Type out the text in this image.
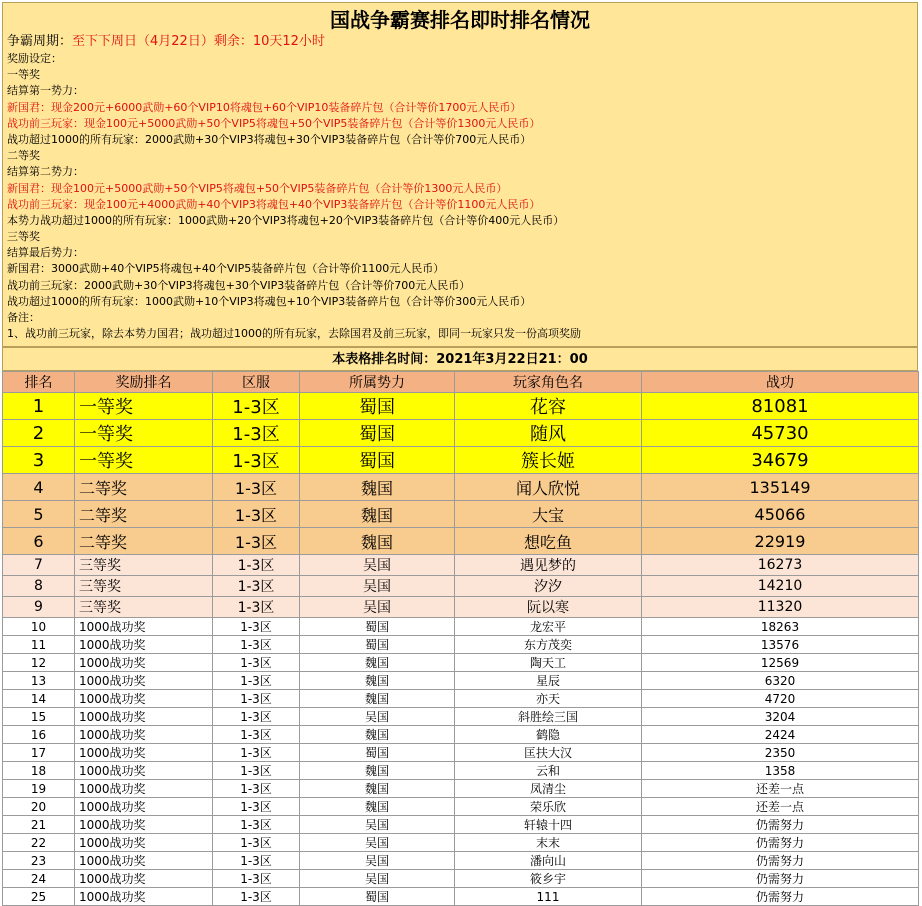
国战争霸赛排名即时排名情况
争霸周期：至下下周日（4月22日）剩余：10天12小时
奖励设定：
一等奖
结算第一势力：
新国君：现金200元+6000武勋+60个VIP10将魂包+60个VIP10装备碎片包（合计等价1700元人民币）
战功前三玩家：现金100元+5000武勋+50个VIP5将魂包+50个VIP5装备碎片包（合计等价1300元人民币）
战功超过1000的所有玩家：2000武勋+30个VIP3将魂包+30个VIP3装备碎片包（合计等价700元人民币）
二等奖
结算第二势力：
新国君：现金100元+5000武勋+50个VIP5将魂包+50个VIP5装备碎片包（合计等价1300元人民币）
战功前三玩家：现金100元+4000武勋+40个VIP3将魂包+40个VIP3装备碎片包（合计等价1100元人民币）
本势力战功超过1000的所有玩家：1000武勋+20个VIP3将魂包+20个VIP3装备碎片包（合计等价400元人民币）
三等奖
结算最后势力：
新国君：3000武勋+40个VIP5将魂包+40个VIP5装备碎片包（合计等价1100元人民币）
战功前三玩家：2000武勋+30个VIP3将魂包+30个VIP3装备碎片包（合计等价700元人民币）
战功超过1000的所有玩家：1000武勋+10个VIP3将魂包+10个VIP3装备碎片包（合计等价300元人民币）
备注：
1、战功前三玩家，除去本势力国君；战功超过1000的所有玩家，去除国君及前三玩家，即同一玩家只发一份高项奖励
本表格排名时间：2021年3月22日21：00
排名	奖励排名	区服	所属势力	玩家角色名	战功
1	一等奖	1-3区	蜀国	花容	81081
2	一等奖	1-3区	蜀国	随风	45730
3	一等奖	1-3区	蜀国	簇长姬	34679
4	二等奖	1-3区	魏国	闻人欣悦	135149
5	二等奖	1-3区	魏国	大宝	45066
6	二等奖	1-3区	魏国	想吃鱼	22919
7	三等奖	1-3区	吴国	遇见梦的	16273
8	三等奖	1-3区	吴国	汐汐	14210
9	三等奖	1-3区	吴国	阮以寒	11320
10	1000战功奖	1-3区	蜀国	龙宏平	18263
11	1000战功奖	1-3区	蜀国	东方茂奕	13576
12	1000战功奖	1-3区	魏国	陶天工	12569
13	1000战功奖	1-3区	魏国	星辰	6320
14	1000战功奖	1-3区	魏国	亦天	4720
15	1000战功奖	1-3区	吴国	斜胜绘三国	3204
16	1000战功奖	1-3区	魏国	鹤隐	2424
17	1000战功奖	1-3区	蜀国	匡扶大汉	2350
18	1000战功奖	1-3区	魏国	云和	1358
19	1000战功奖	1-3区	魏国	凤清尘	还差一点
20	1000战功奖	1-3区	魏国	荣乐欣	还差一点
21	1000战功奖	1-3区	吴国	轩辕十四	仍需努力
22	1000战功奖	1-3区	吴国	末末	仍需努力
23	1000战功奖	1-3区	吴国	潘向山	仍需努力
24	1000战功奖	1-3区	吴国	筱乡宇	仍需努力
25	1000战功奖	1-3区	蜀国	111	仍需努力
